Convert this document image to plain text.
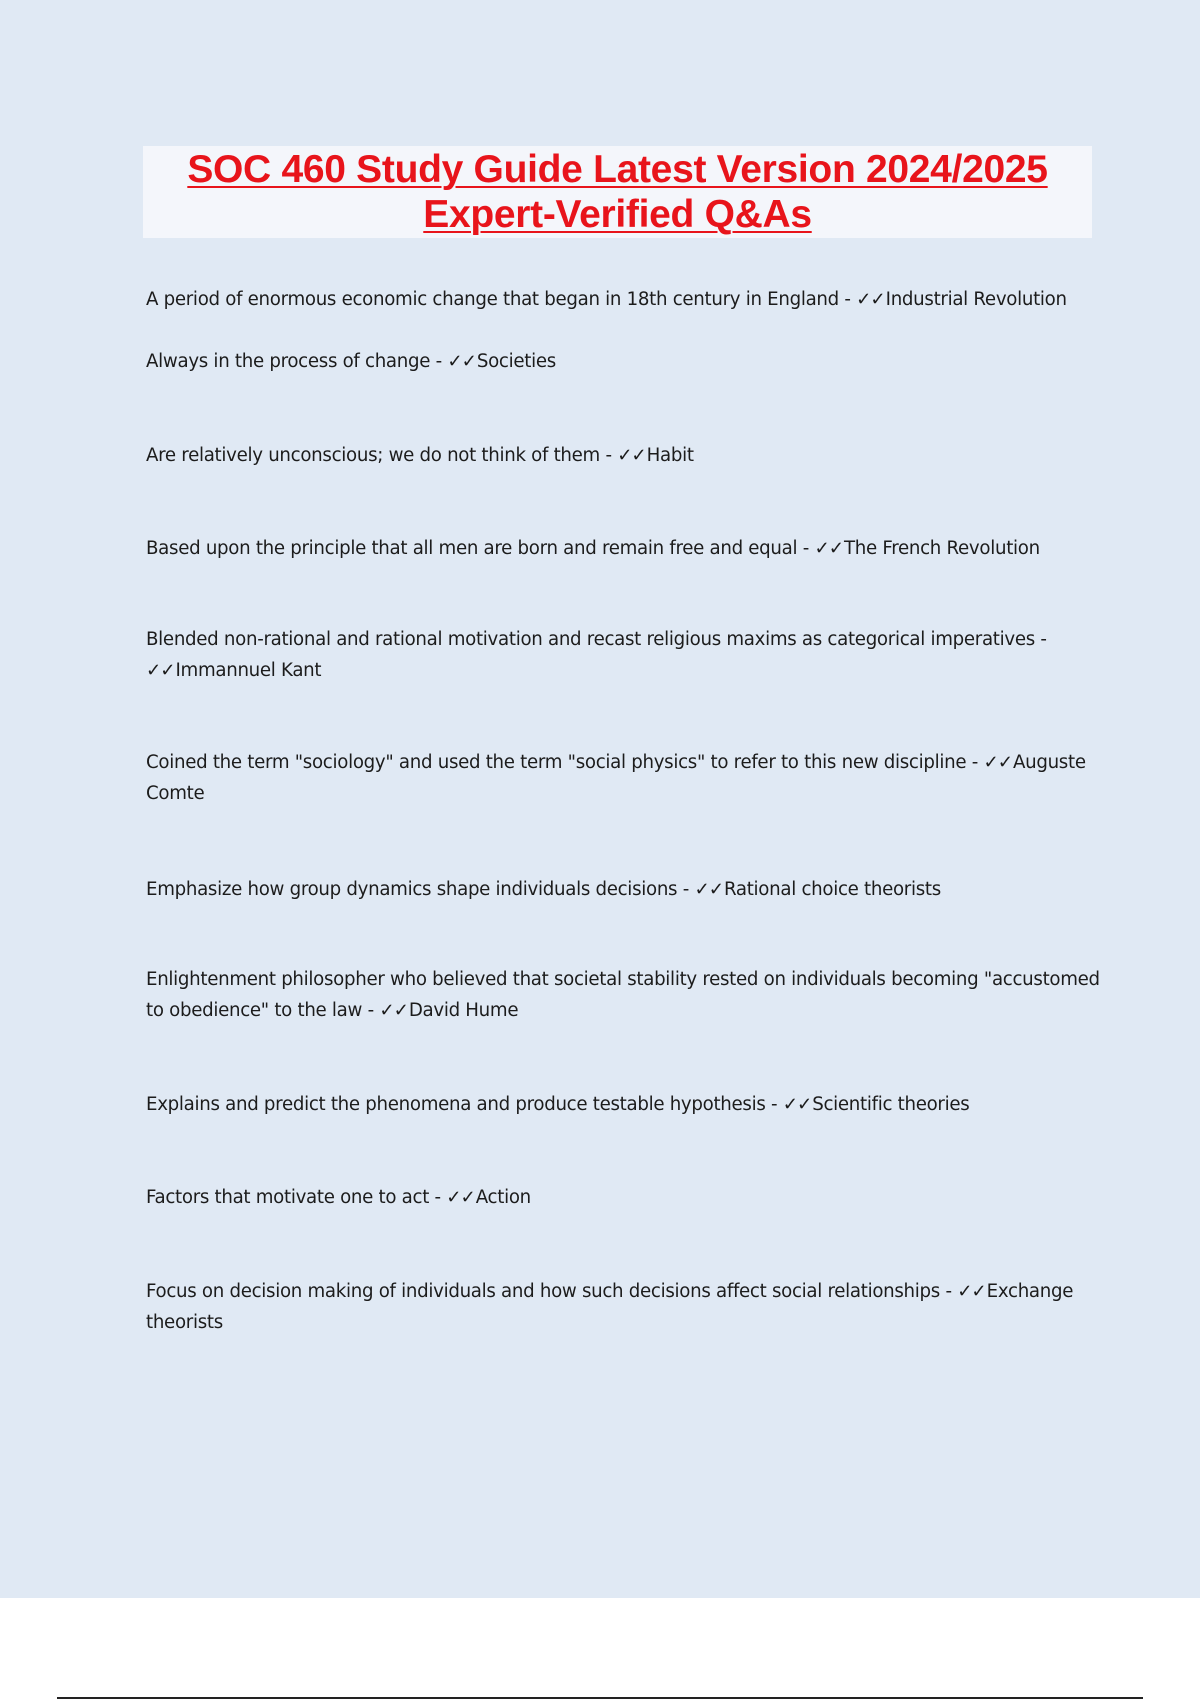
SOC 460 Study Guide Latest Version 2024/2025
Expert-Verified Q&As
A period of enormous economic change that began in 18th century in England - ✓✓Industrial Revolution
Always in the process of change - ✓✓Societies
Are relatively unconscious; we do not think of them - ✓✓Habit
Based upon the principle that all men are born and remain free and equal - ✓✓The French Revolution
Blended non-rational and rational motivation and recast religious maxims as categorical imperatives - ✓✓Immannuel Kant
Coined the term "sociology" and used the term "social physics" to refer to this new discipline - ✓✓Auguste Comte
Emphasize how group dynamics shape individuals decisions - ✓✓Rational choice theorists
Enlightenment philosopher who believed that societal stability rested on individuals becoming "accustomed to obedience" to the law - ✓✓David Hume
Explains and predict the phenomena and produce testable hypothesis - ✓✓Scientific theories
Factors that motivate one to act - ✓✓Action
Focus on decision making of individuals and how such decisions affect social relationships - ✓✓Exchange theorists
